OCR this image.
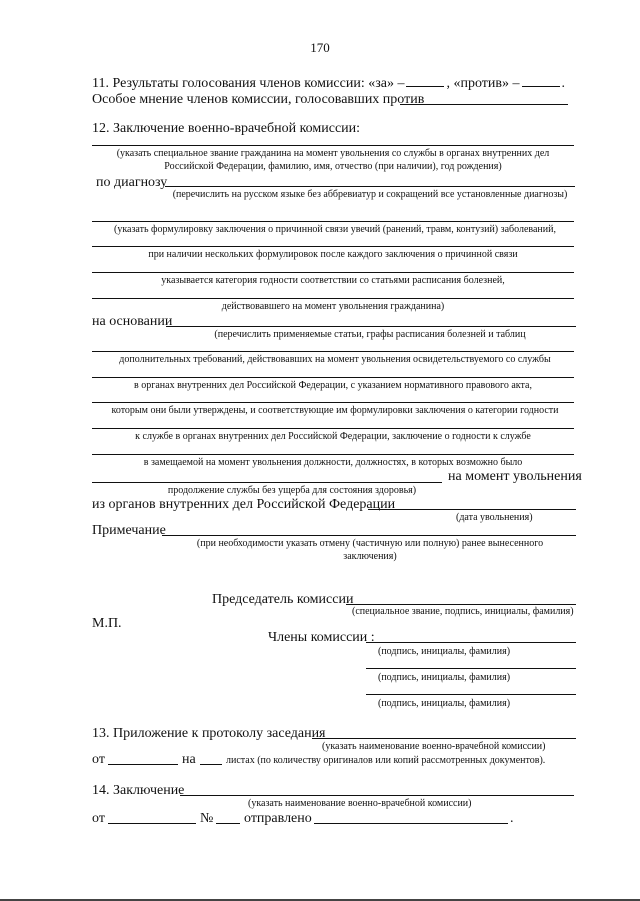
170
11. Результаты голосования членов комиссии: «за» –	, «против» –	.
Особое мнение членов комиссии, голосовавших против
12. Заключение военно-врачебной комиссии:
(указать специальное звание гражданина на момент увольнения со службы в органах внутренних дел Российской Федерации, фамилию, имя, отчество (при наличии), год рождения)
по диагнозу
(перечислить на русском языке без аббревиатур и сокращений все установленные диагнозы)
(указать формулировку заключения о причинной связи увечий (ранений, травм, контузий) заболеваний,
при наличии нескольких формулировок после каждого заключения о причинной связи
указывается категория годности соответствии со статьями расписания болезней,
действовавшего на момент увольнения гражданина)
на основании
(перечислить применяемые статьи, графы расписания болезней и таблиц
дополнительных требований, действовавших на момент увольнения освидетельствуемого со службы
в органах внутренних дел Российской Федерации, с указанием нормативного правового акта,
которым они были утверждены, и соответствующие им формулировки заключения о категории годности
к службе в органах внутренних дел Российской Федерации, заключение о годности к службе
в замещаемой на момент увольнения должности, должностях, в которых возможно было
на момент увольнения
продолжение службы без ущерба для состояния здоровья)
из органов внутренних дел Российской Федерации
(дата увольнения)
Примечание
(при необходимости указать отмену (частичную или полную) ранее вынесенного заключения)
Председатель комиссии
(специальное звание, подпись, инициалы, фамилия)
М.П.
Члены комиссии :
(подпись, инициалы, фамилия)
(подпись, инициалы, фамилия)
(подпись, инициалы, фамилия)
13. Приложение к протоколу заседания
(указать наименование военно-врачебной комиссии)
от	на	листах (по количеству оригиналов или копий рассмотренных документов).
14. Заключение
(указать наименование военно-врачебной комиссии)
от	№ отправлено	.
